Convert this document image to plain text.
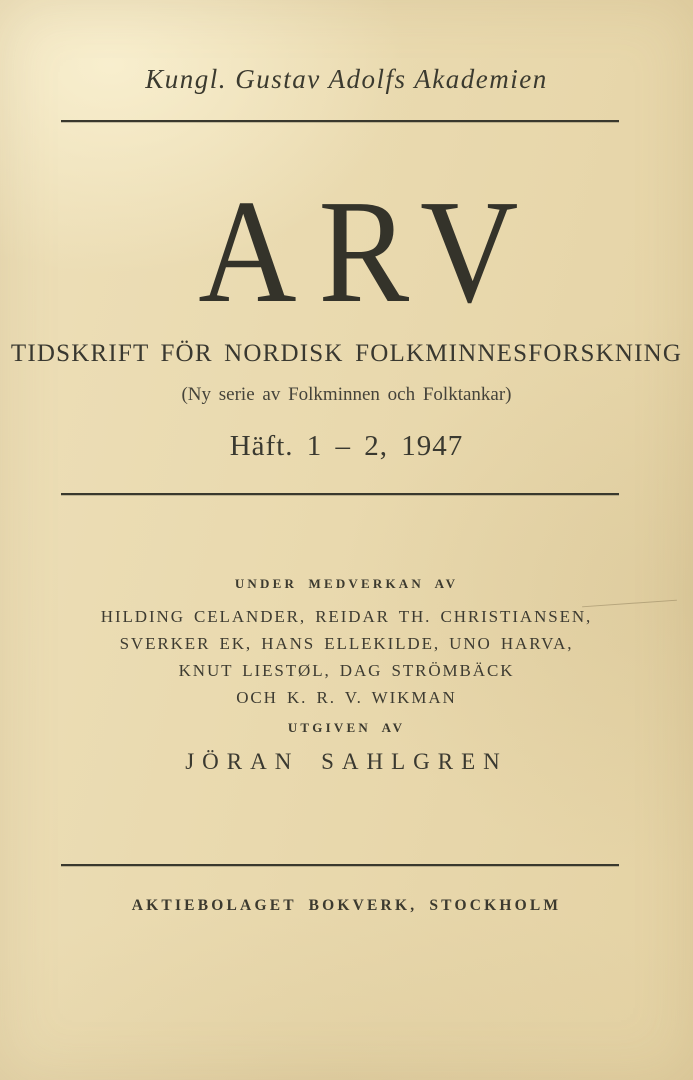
Kungl. Gustav Adolfs Akademien
ARV
TIDSKRIFT FÖR NORDISK FOLKMINNESFORSKNING
(Ny serie av Folkminnen och Folktankar)
Häft. 1 – 2, 1947
UNDER MEDVERKAN AV
HILDING CELANDER, REIDAR TH. CHRISTIANSEN,
SVERKER EK, HANS ELLEKILDE, UNO HARVA,
KNUT LIESTØL, DAG STRÖMBÄCK
OCH K. R. V. WIKMAN
UTGIVEN AV
JÖRAN SAHLGREN
AKTIEBOLAGET BOKVERK, STOCKHOLM
